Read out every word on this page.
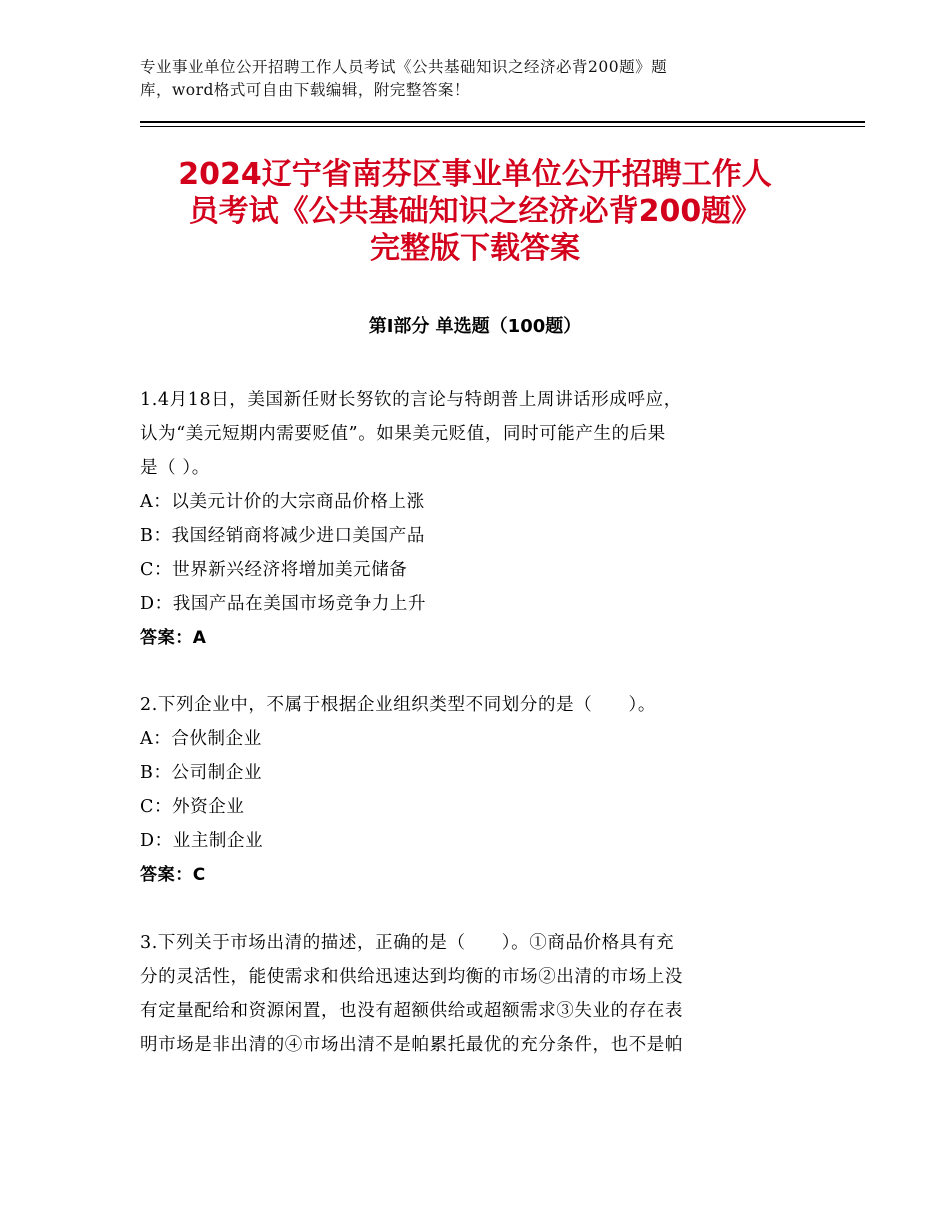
专业事业单位公开招聘工作人员考试《公共基础知识之经济必背200题》题
库，word格式可自由下载编辑，附完整答案！
2024辽宁省南芬区事业单位公开招聘工作人
员考试《公共基础知识之经济必背200题》
完整版下载答案
第Ⅰ部分 单选题（100题）
1.4月18日，美国新任财长努钦的言论与特朗普上周讲话形成呼应，
认为“美元短期内需要贬值”。如果美元贬值，同时可能产生的后果
是（ ）。
A：以美元计价的大宗商品价格上涨
B：我国经销商将减少进口美国产品
C：世界新兴经济将增加美元储备
D：我国产品在美国市场竞争力上升
答案：A
2.下列企业中，不属于根据企业组织类型不同划分的是（　　）。
A：合伙制企业
B：公司制企业
C：外资企业
D：业主制企业
答案：C
3.下列关于市场出清的描述，正确的是（　　）。①商品价格具有充
分的灵活性，能使需求和供给迅速达到均衡的市场②出清的市场上没
有定量配给和资源闲置，也没有超额供给或超额需求③失业的存在表
明市场是非出清的④市场出清不是帕累托最优的充分条件，也不是帕
